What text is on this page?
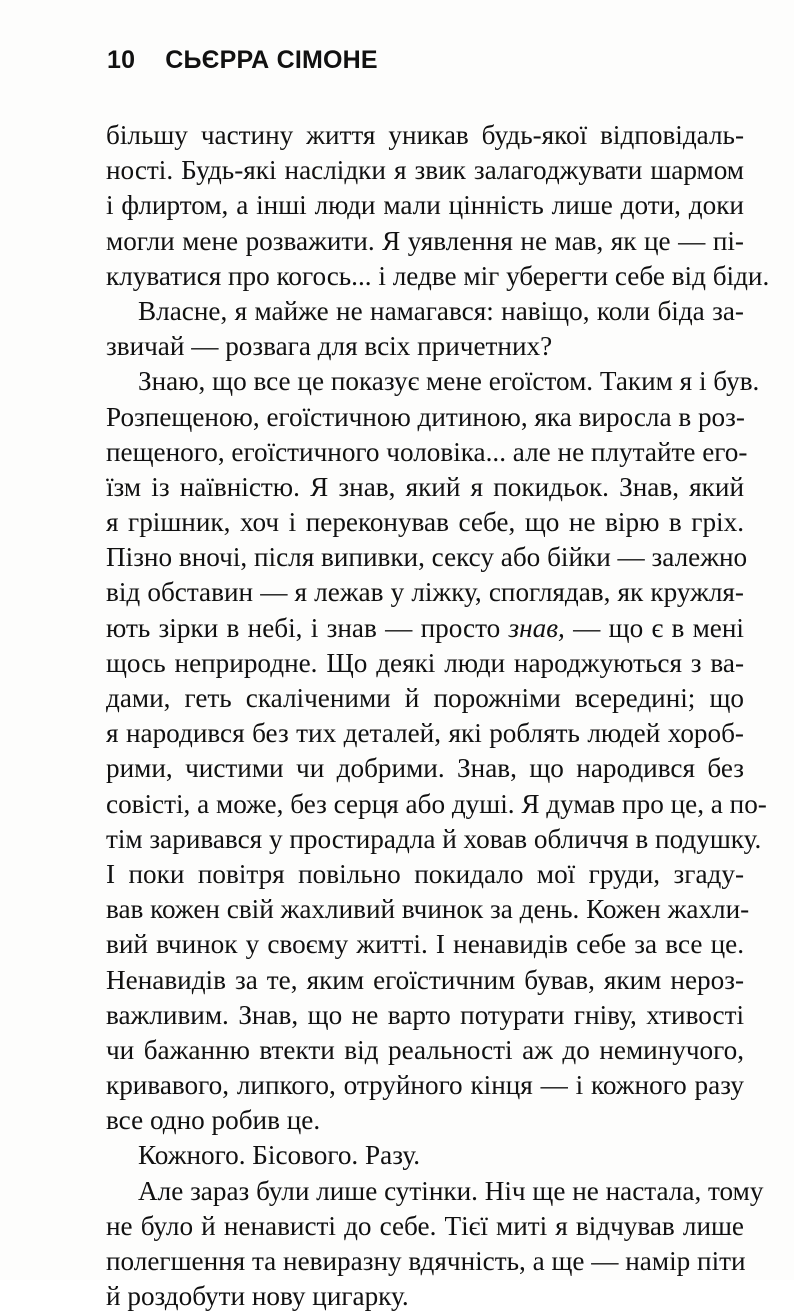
10 СЬЄРРА СІМОНЕ
більшу частину життя уникав будь-якої відповідаль-
ності. Будь-які наслідки я звик залагоджувати шармом
і флиртом, а інші люди мали цінність лише доти, доки
могли мене розважити. Я уявлення не мав, як це — пі-
клуватися про когось... і ледве міг уберегти себе від біди.
Власне, я майже не намагався: навіщо, коли біда за-
звичай — розвага для всіх причетних?
Знаю, що все це показує мене егоїстом. Таким я і був.
Розпещеною, егоїстичною дитиною, яка виросла в роз-
пещеного, егоїстичного чоловіка... але не плутайте его-
їзм із наївністю. Я знав, який я покидьок. Знав, який
я грішник, хоч і переконував себе, що не вірю в гріх.
Пізно вночі, після випивки, сексу або бійки — залежно
від обставин — я лежав у ліжку, споглядав, як кружля-
ють зірки в небі, і знав — просто знав, — що є в мені
щось неприродне. Що деякі люди народжуються з ва-
дами, геть скаліченими й порожніми всередині; що
я народився без тих деталей, які роблять людей хороб-
рими, чистими чи добрими. Знав, що народився без
совісті, а може, без серця або душі. Я думав про це, а по-
тім заривався у простирадла й ховав обличчя в подушку.
І поки повітря повільно покидало мої груди, згаду-
вав кожен свій жахливий вчинок за день. Кожен жахли-
вий вчинок у своєму житті. І ненавидів себе за все це.
Ненавидів за те, яким егоїстичним бував, яким нероз-
важливим. Знав, що не варто потурати гніву, хтивості
чи бажанню втекти від реальності аж до неминучого,
кривавого, липкого, отруйного кінця — і кожного разу
все одно робив це.
Кожного. Бісового. Разу.
Але зараз були лише сутінки. Ніч ще не настала, тому
не було й ненависті до себе. Тієї миті я відчував лише
полегшення та невиразну вдячність, а ще — намір піти
й роздобути нову цигарку.
